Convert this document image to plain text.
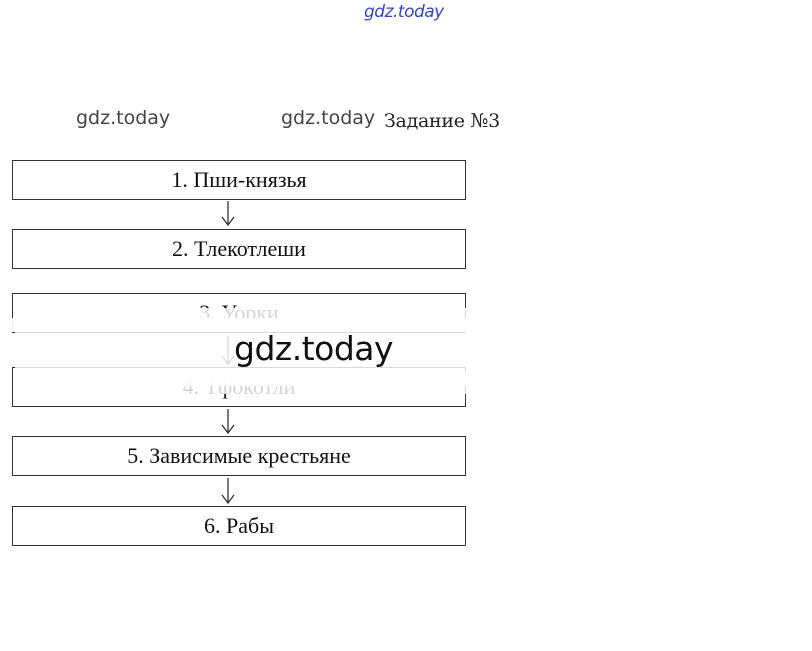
gdz.today
gdz.today	gdz.today Задание №3
1. Пши-князья
2. Тлекотлеши
5. Зависимые крестьяне
6. Рабы
gdz.today
